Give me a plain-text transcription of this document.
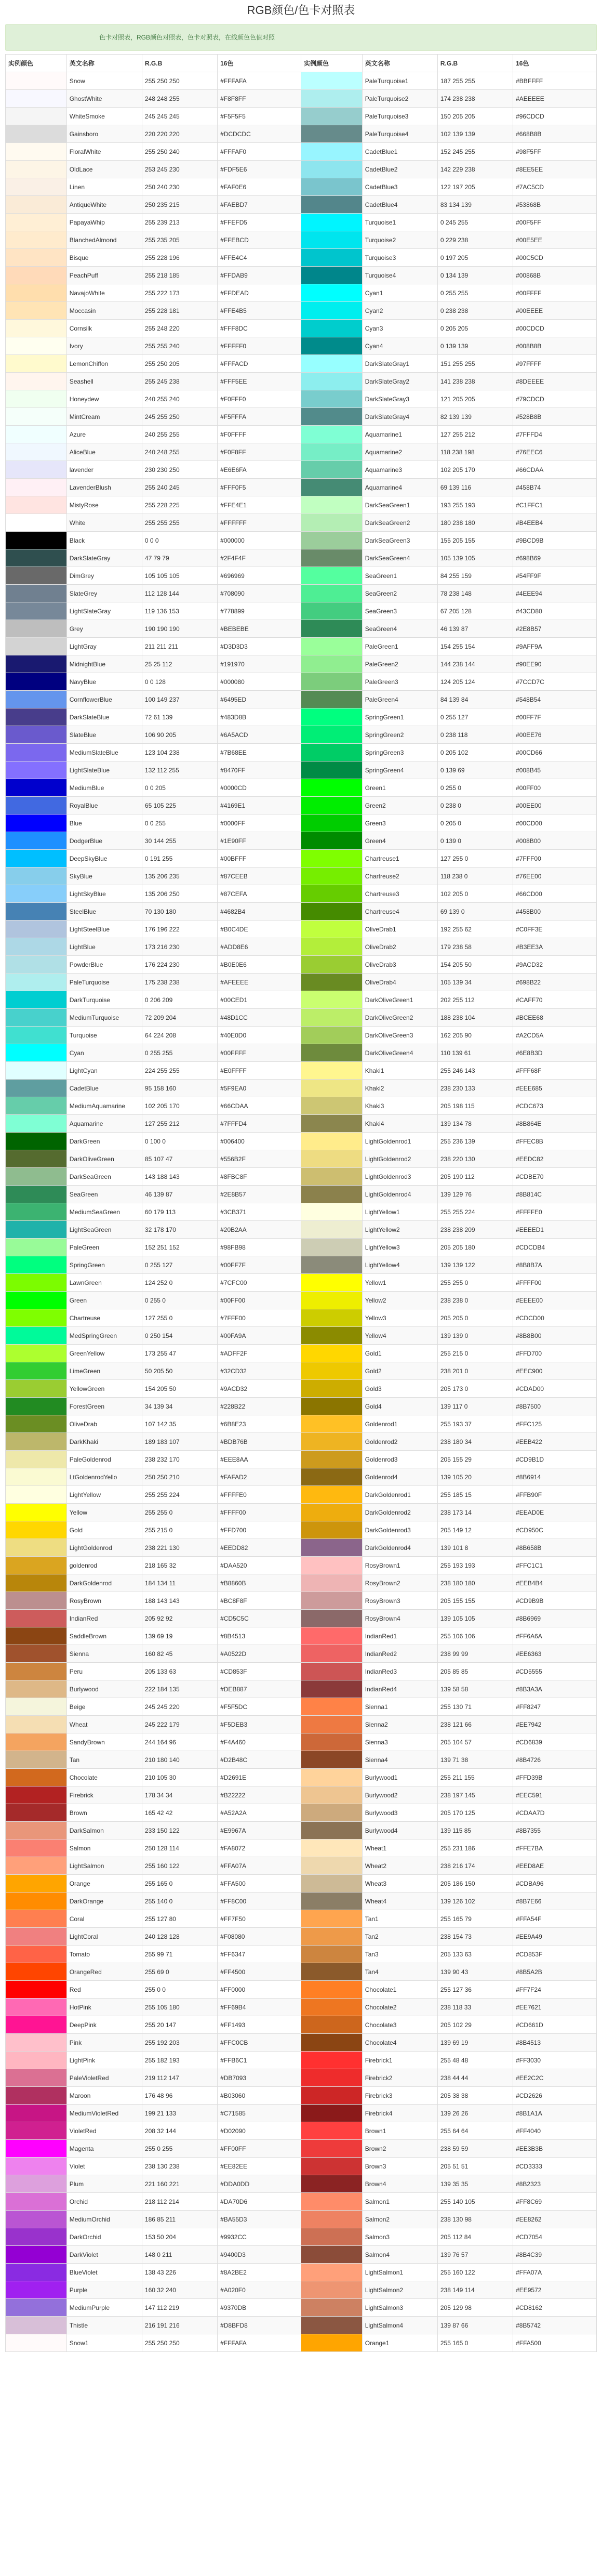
RGB颜色/色卡对照表
色卡对照表，RGB颜色对照表，色卡对照表，在线颜色色值对照
实例颜色	英文名称	R.G.B	16色	实例颜色	英文名称	R.G.B	16色
	Snow	255 250 250	#FFFAFA		PaleTurquoise1	187 255 255	#BBFFFF
	GhostWhite	248 248 255	#F8F8FF		PaleTurquoise2	174 238 238	#AEEEEE
	WhiteSmoke	245 245 245	#F5F5F5		PaleTurquoise3	150 205 205	#96CDCD
	Gainsboro	220 220 220	#DCDCDC		PaleTurquoise4	102 139 139	#668B8B
	FloralWhite	255 250 240	#FFFAF0		CadetBlue1	152 245 255	#98F5FF
	OldLace	253 245 230	#FDF5E6		CadetBlue2	142 229 238	#8EE5EE
	Linen	250 240 230	#FAF0E6		CadetBlue3	122 197 205	#7AC5CD
	AntiqueWhite	250 235 215	#FAEBD7		CadetBlue4	83 134 139	#53868B
	PapayaWhip	255 239 213	#FFEFD5		Turquoise1	0 245 255	#00F5FF
	BlanchedAlmond	255 235 205	#FFEBCD		Turquoise2	0 229 238	#00E5EE
	Bisque	255 228 196	#FFE4C4		Turquoise3	0 197 205	#00C5CD
	PeachPuff	255 218 185	#FFDAB9		Turquoise4	0 134 139	#00868B
	NavajoWhite	255 222 173	#FFDEAD		Cyan1	0 255 255	#00FFFF
	Moccasin	255 228 181	#FFE4B5		Cyan2	0 238 238	#00EEEE
	Cornsilk	255 248 220	#FFF8DC		Cyan3	0 205 205	#00CDCD
	Ivory	255 255 240	#FFFFF0		Cyan4	0 139 139	#008B8B
	LemonChiffon	255 250 205	#FFFACD		DarkSlateGray1	151 255 255	#97FFFF
	Seashell	255 245 238	#FFF5EE		DarkSlateGray2	141 238 238	#8DEEEE
	Honeydew	240 255 240	#F0FFF0		DarkSlateGray3	121 205 205	#79CDCD
	MintCream	245 255 250	#F5FFFA		DarkSlateGray4	82 139 139	#528B8B
	Azure	240 255 255	#F0FFFF		Aquamarine1	127 255 212	#7FFFD4
	AliceBlue	240 248 255	#F0F8FF		Aquamarine2	118 238 198	#76EEC6
	lavender	230 230 250	#E6E6FA		Aquamarine3	102 205 170	#66CDAA
	LavenderBlush	255 240 245	#FFF0F5		Aquamarine4	69 139 116	#458B74
	MistyRose	255 228 225	#FFE4E1		DarkSeaGreen1	193 255 193	#C1FFC1
	White	255 255 255	#FFFFFF		DarkSeaGreen2	180 238 180	#B4EEB4
	Black	0 0 0	#000000		DarkSeaGreen3	155 205 155	#9BCD9B
	DarkSlateGray	47 79 79	#2F4F4F		DarkSeaGreen4	105 139 105	#698B69
	DimGrey	105 105 105	#696969		SeaGreen1	84 255 159	#54FF9F
	SlateGrey	112 128 144	#708090		SeaGreen2	78 238 148	#4EEE94
	LightSlateGray	119 136 153	#778899		SeaGreen3	67 205 128	#43CD80
	Grey	190 190 190	#BEBEBE		SeaGreen4	46 139 87	#2E8B57
	LightGray	211 211 211	#D3D3D3		PaleGreen1	154 255 154	#9AFF9A
	MidnightBlue	25 25 112	#191970		PaleGreen2	144 238 144	#90EE90
	NavyBlue	0 0 128	#000080		PaleGreen3	124 205 124	#7CCD7C
	CornflowerBlue	100 149 237	#6495ED		PaleGreen4	84 139 84	#548B54
	DarkSlateBlue	72 61 139	#483D8B		SpringGreen1	0 255 127	#00FF7F
	SlateBlue	106 90 205	#6A5ACD		SpringGreen2	0 238 118	#00EE76
	MediumSlateBlue	123 104 238	#7B68EE		SpringGreen3	0 205 102	#00CD66
	LightSlateBlue	132 112 255	#8470FF		SpringGreen4	0 139 69	#008B45
	MediumBlue	0 0 205	#0000CD		Green1	0 255 0	#00FF00
	RoyalBlue	65 105 225	#4169E1		Green2	0 238 0	#00EE00
	Blue	0 0 255	#0000FF		Green3	0 205 0	#00CD00
	DodgerBlue	30 144 255	#1E90FF		Green4	0 139 0	#008B00
	DeepSkyBlue	0 191 255	#00BFFF		Chartreuse1	127 255 0	#7FFF00
	SkyBlue	135 206 235	#87CEEB		Chartreuse2	118 238 0	#76EE00
	LightSkyBlue	135 206 250	#87CEFA		Chartreuse3	102 205 0	#66CD00
	SteelBlue	70 130 180	#4682B4		Chartreuse4	69 139 0	#458B00
	LightSteelBlue	176 196 222	#B0C4DE		OliveDrab1	192 255 62	#C0FF3E
	LightBlue	173 216 230	#ADD8E6		OliveDrab2	179 238 58	#B3EE3A
	PowderBlue	176 224 230	#B0E0E6		OliveDrab3	154 205 50	#9ACD32
	PaleTurquoise	175 238 238	#AFEEEE		OliveDrab4	105 139 34	#698B22
	DarkTurquoise	0 206 209	#00CED1		DarkOliveGreen1	202 255 112	#CAFF70
	MediumTurquoise	72 209 204	#48D1CC		DarkOliveGreen2	188 238 104	#BCEE68
	Turquoise	64 224 208	#40E0D0		DarkOliveGreen3	162 205 90	#A2CD5A
	Cyan	0 255 255	#00FFFF		DarkOliveGreen4	110 139 61	#6E8B3D
	LightCyan	224 255 255	#E0FFFF		Khaki1	255 246 143	#FFF68F
	CadetBlue	95 158 160	#5F9EA0		Khaki2	238 230 133	#EEE685
	MediumAquamarine	102 205 170	#66CDAA		Khaki3	205 198 115	#CDC673
	Aquamarine	127 255 212	#7FFFD4		Khaki4	139 134 78	#8B864E
	DarkGreen	0 100 0	#006400		LightGoldenrod1	255 236 139	#FFEC8B
	DarkOliveGreen	85 107 47	#556B2F		LightGoldenrod2	238 220 130	#EEDC82
	DarkSeaGreen	143 188 143	#8FBC8F		LightGoldenrod3	205 190 112	#CDBE70
	SeaGreen	46 139 87	#2E8B57		LightGoldenrod4	139 129 76	#8B814C
	MediumSeaGreen	60 179 113	#3CB371		LightYellow1	255 255 224	#FFFFE0
	LightSeaGreen	32 178 170	#20B2AA		LightYellow2	238 238 209	#EEEED1
	PaleGreen	152 251 152	#98FB98		LightYellow3	205 205 180	#CDCDB4
	SpringGreen	0 255 127	#00FF7F		LightYellow4	139 139 122	#8B8B7A
	LawnGreen	124 252 0	#7CFC00		Yellow1	255 255 0	#FFFF00
	Green	0 255 0	#00FF00		Yellow2	238 238 0	#EEEE00
	Chartreuse	127 255 0	#7FFF00		Yellow3	205 205 0	#CDCD00
	MedSpringGreen	0 250 154	#00FA9A		Yellow4	139 139 0	#8B8B00
	GreenYellow	173 255 47	#ADFF2F		Gold1	255 215 0	#FFD700
	LimeGreen	50 205 50	#32CD32		Gold2	238 201 0	#EEC900
	YellowGreen	154 205 50	#9ACD32		Gold3	205 173 0	#CDAD00
	ForestGreen	34 139 34	#228B22		Gold4	139 117 0	#8B7500
	OliveDrab	107 142 35	#6B8E23		Goldenrod1	255 193 37	#FFC125
	DarkKhaki	189 183 107	#BDB76B		Goldenrod2	238 180 34	#EEB422
	PaleGoldenrod	238 232 170	#EEE8AA		Goldenrod3	205 155 29	#CD9B1D
	LtGoldenrodYello	250 250 210	#FAFAD2		Goldenrod4	139 105 20	#8B6914
	LightYellow	255 255 224	#FFFFE0		DarkGoldenrod1	255 185 15	#FFB90F
	Yellow	255 255 0	#FFFF00		DarkGoldenrod2	238 173 14	#EEAD0E
	Gold	255 215 0	#FFD700		DarkGoldenrod3	205 149 12	#CD950C
	LightGoldenrod	238 221 130	#EEDD82		DarkGoldenrod4	139 101 8	#8B658B
	goldenrod	218 165 32	#DAA520		RosyBrown1	255 193 193	#FFC1C1
	DarkGoldenrod	184 134 11	#B8860B		RosyBrown2	238 180 180	#EEB4B4
	RosyBrown	188 143 143	#BC8F8F		RosyBrown3	205 155 155	#CD9B9B
	IndianRed	205 92 92	#CD5C5C		RosyBrown4	139 105 105	#8B6969
	SaddleBrown	139 69 19	#8B4513		IndianRed1	255 106 106	#FF6A6A
	Sienna	160 82 45	#A0522D		IndianRed2	238 99 99	#EE6363
	Peru	205 133 63	#CD853F		IndianRed3	205 85 85	#CD5555
	Burlywood	222 184 135	#DEB887		IndianRed4	139 58 58	#8B3A3A
	Beige	245 245 220	#F5F5DC		Sienna1	255 130 71	#FF8247
	Wheat	245 222 179	#F5DEB3		Sienna2	238 121 66	#EE7942
	SandyBrown	244 164 96	#F4A460		Sienna3	205 104 57	#CD6839
	Tan	210 180 140	#D2B48C		Sienna4	139 71 38	#8B4726
	Chocolate	210 105 30	#D2691E		Burlywood1	255 211 155	#FFD39B
	Firebrick	178 34 34	#B22222		Burlywood2	238 197 145	#EEC591
	Brown	165 42 42	#A52A2A		Burlywood3	205 170 125	#CDAA7D
	DarkSalmon	233 150 122	#E9967A		Burlywood4	139 115 85	#8B7355
	Salmon	250 128 114	#FA8072		Wheat1	255 231 186	#FFE7BA
	LightSalmon	255 160 122	#FFA07A		Wheat2	238 216 174	#EED8AE
	Orange	255 165 0	#FFA500		Wheat3	205 186 150	#CDBA96
	DarkOrange	255 140 0	#FF8C00		Wheat4	139 126 102	#8B7E66
	Coral	255 127 80	#FF7F50		Tan1	255 165 79	#FFA54F
	LightCoral	240 128 128	#F08080		Tan2	238 154 73	#EE9A49
	Tomato	255 99 71	#FF6347		Tan3	205 133 63	#CD853F
	OrangeRed	255 69 0	#FF4500		Tan4	139 90 43	#8B5A2B
	Red	255 0 0	#FF0000		Chocolate1	255 127 36	#FF7F24
	HotPink	255 105 180	#FF69B4		Chocolate2	238 118 33	#EE7621
	DeepPink	255 20 147	#FF1493		Chocolate3	205 102 29	#CD661D
	Pink	255 192 203	#FFC0CB		Chocolate4	139 69 19	#8B4513
	LightPink	255 182 193	#FFB6C1		Firebrick1	255 48 48	#FF3030
	PaleVioletRed	219 112 147	#DB7093		Firebrick2	238 44 44	#EE2C2C
	Maroon	176 48 96	#B03060		Firebrick3	205 38 38	#CD2626
	MediumVioletRed	199 21 133	#C71585		Firebrick4	139 26 26	#8B1A1A
	VioletRed	208 32 144	#D02090		Brown1	255 64 64	#FF4040
	Magenta	255 0 255	#FF00FF		Brown2	238 59 59	#EE3B3B
	Violet	238 130 238	#EE82EE		Brown3	205 51 51	#CD3333
	Plum	221 160 221	#DDA0DD		Brown4	139 35 35	#8B2323
	Orchid	218 112 214	#DA70D6		Salmon1	255 140 105	#FF8C69
	MediumOrchid	186 85 211	#BA55D3		Salmon2	238 130 98	#EE8262
	DarkOrchid	153 50 204	#9932CC		Salmon3	205 112 84	#CD7054
	DarkViolet	148 0 211	#9400D3		Salmon4	139 76 57	#8B4C39
	BlueViolet	138 43 226	#8A2BE2		LightSalmon1	255 160 122	#FFA07A
	Purple	160 32 240	#A020F0		LightSalmon2	238 149 114	#EE9572
	MediumPurple	147 112 219	#9370DB		LightSalmon3	205 129 98	#CD8162
	Thistle	216 191 216	#D8BFD8		LightSalmon4	139 87 66	#8B5742
	Snow1	255 250 250	#FFFAFA		Orange1	255 165 0	#FFA500
